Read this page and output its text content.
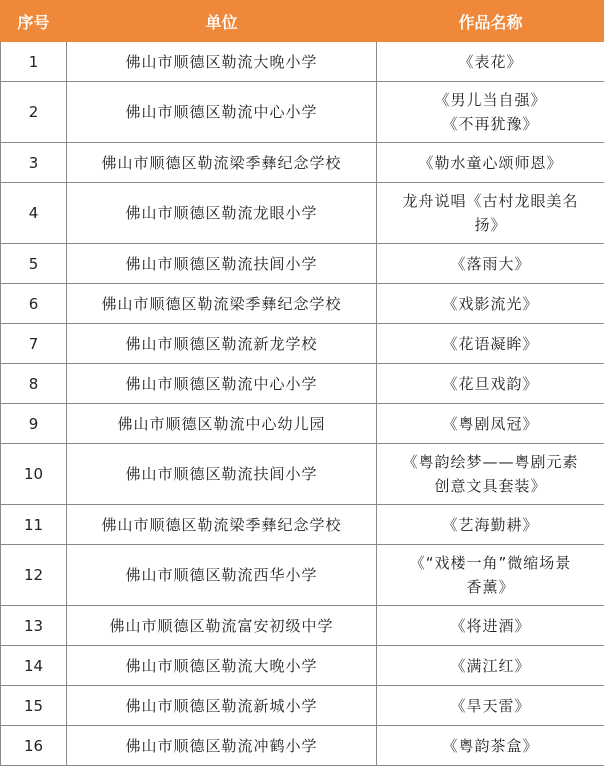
序号	单位	作品名称
1	佛山市顺德区勒流大晚小学	《表花》

2	佛山市顺德区勒流中心小学	《男儿当自强》
《不再犹豫》

3	佛山市顺德区勒流梁季彝纪念学校	《勒水童心颂师恩》

4	佛山市顺德区勒流龙眼小学	龙舟说唱《古村龙眼美名
扬》

5	佛山市顺德区勒流扶闾小学	《落雨大》

6	佛山市顺德区勒流梁季彝纪念学校	《戏影流光》

7	佛山市顺德区勒流新龙学校	《花语凝眸》

8	佛山市顺德区勒流中心小学	《花旦戏韵》

9	佛山市顺德区勒流中心幼儿园	《粤剧凤冠》

10	佛山市顺德区勒流扶闾小学	《粤韵绘梦——粤剧元素
创意文具套装》

11	佛山市顺德区勒流梁季彝纪念学校	《艺海勤耕》

12	佛山市顺德区勒流西华小学	《“戏楼一角”微缩场景
香薰》

13	佛山市顺德区勒流富安初级中学	《将进酒》

14	佛山市顺德区勒流大晚小学	《满江红》

15	佛山市顺德区勒流新城小学	《旱天雷》

16	佛山市顺德区勒流冲鹤小学	《粤韵茶盒》
